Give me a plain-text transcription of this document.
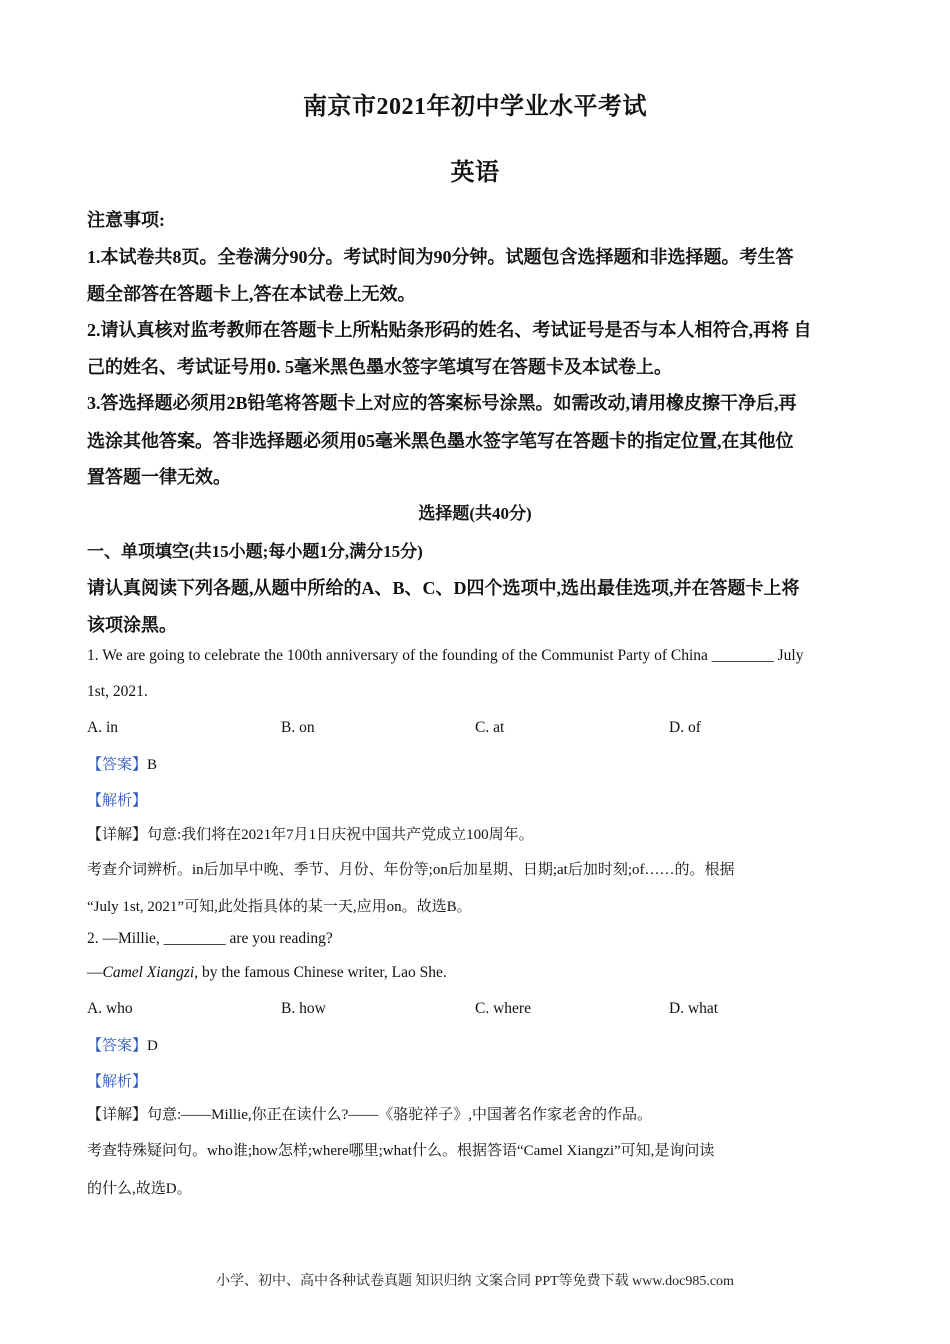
南京市2021年初中学业水平考试
英语
注意事项:
1.本试卷共8页。全卷满分90分。考试时间为90分钟。试题包含选择题和非选择题。考生答
题全部答在答题卡上,答在本试卷上无效。
2.请认真核对监考教师在答题卡上所粘贴条形码的姓名、考试证号是否与本人相符合,再将 自
己的姓名、考试证号用0. 5毫米黑色墨水签字笔填写在答题卡及本试卷上。
3.答选择题必须用2B铅笔将答题卡上对应的答案标号涂黑。如需改动,请用橡皮擦干净后,再
选涂其他答案。答非选择题必须用05毫米黑色墨水签字笔写在答题卡的指定位置,在其他位
置答题一律无效。
选择题(共40分)
一、单项填空(共15小题;每小题1分,满分15分)
请认真阅读下列各题,从题中所给的A、B、C、D四个选项中,选出最佳选项,并在答题卡上将
该项涂黑。
1. We are going to celebrate the 100th anniversary of the founding of the Communist Party of China ________ July
1st, 2021.
A. in	B. on	C. at	D. of
【答案】B
【解析】
【详解】句意:我们将在2021年7月1日庆祝中国共产党成立100周年。
考查介词辨析。in后加早中晚、季节、月份、年份等;on后加星期、日期;at后加时刻;of……的。根据
“July 1st, 2021”可知,此处指具体的某一天,应用on。故选B。
2. —Millie, ________ are you reading?
—Camel Xiangzi, by the famous Chinese writer, Lao She.
A. who	B. how	C. where	D. what
【答案】D
【解析】
【详解】句意:——Millie,你正在读什么?——《骆驼祥子》,中国著名作家老舍的作品。
考查特殊疑问句。who谁;how怎样;where哪里;what什么。根据答语“Camel Xiangzi”可知,是询问读
的什么,故选D。
小学、初中、高中各种试卷真题 知识归纳 文案合同 PPT等免费下载 www.doc985.com
